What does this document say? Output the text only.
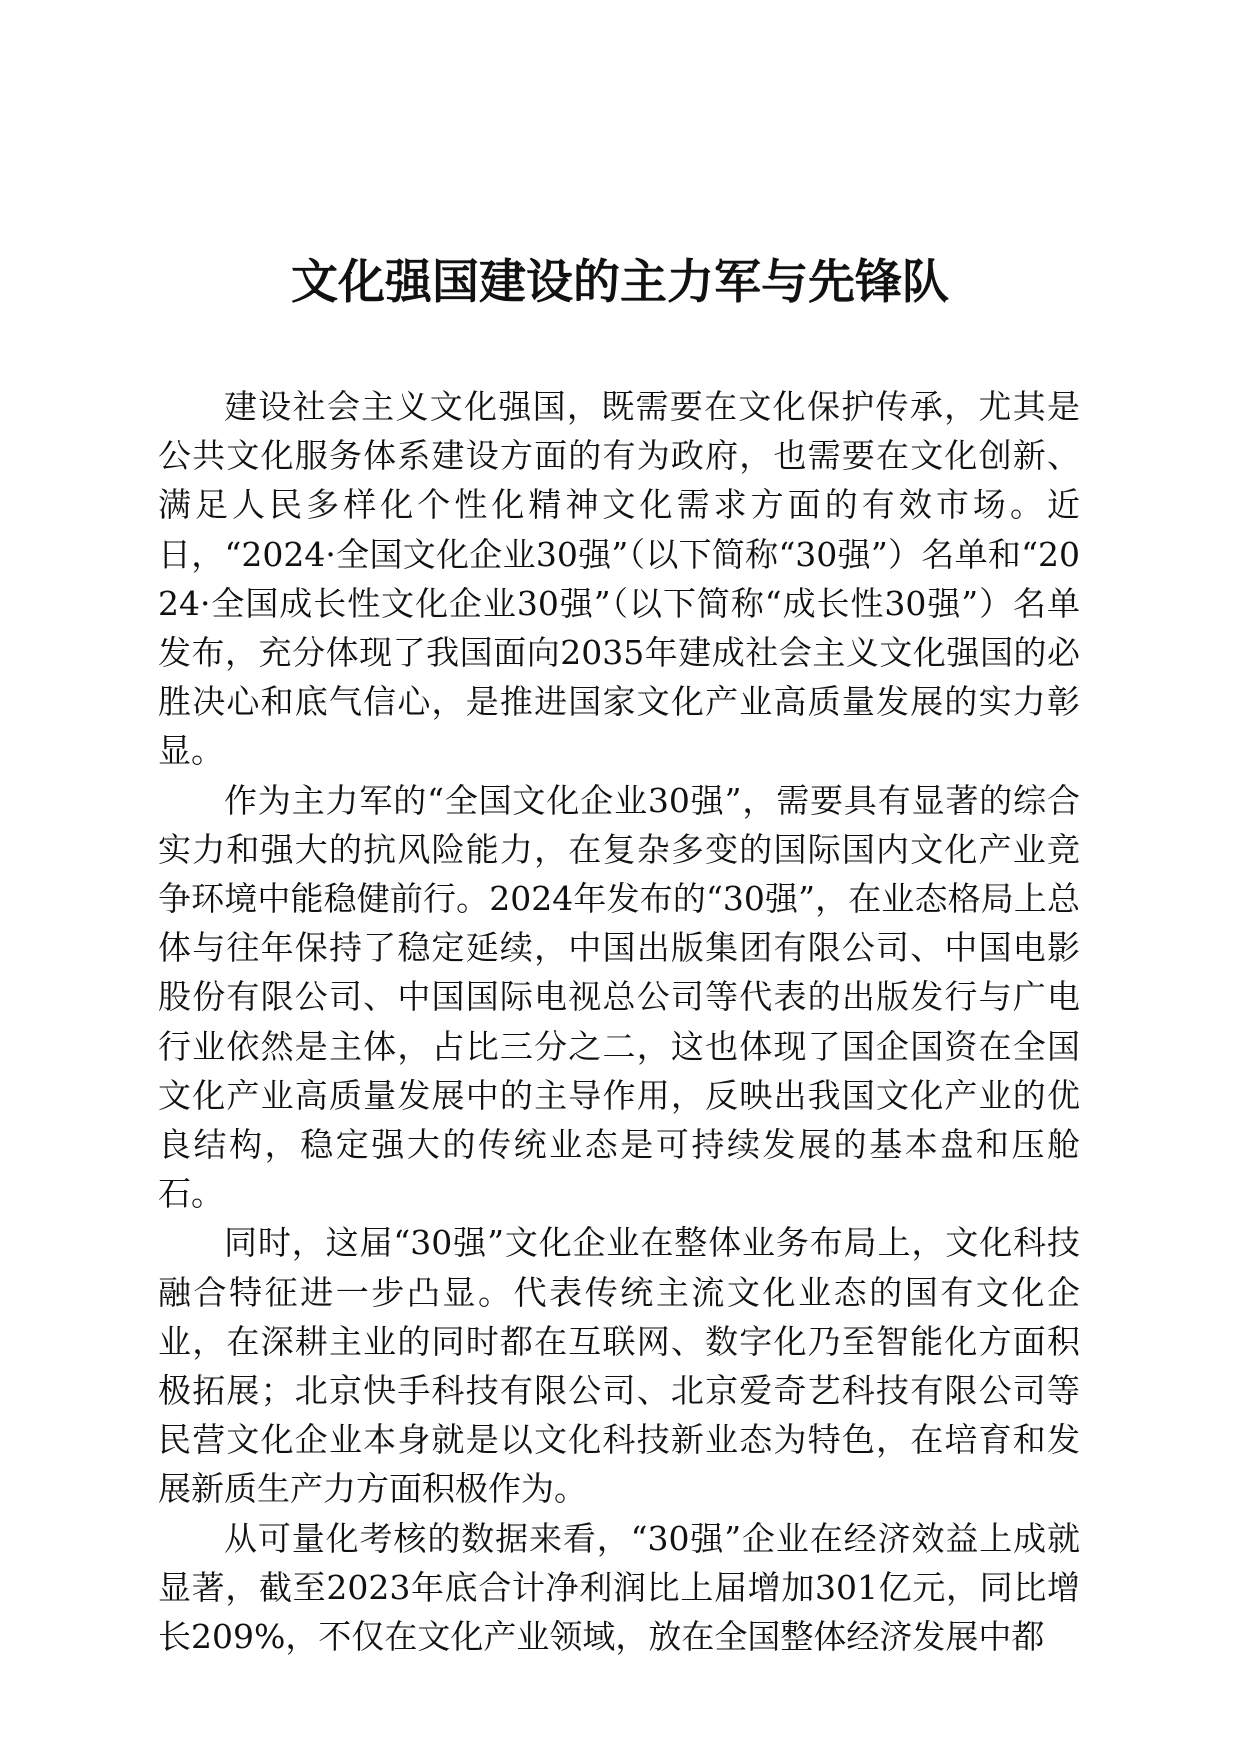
文化强国建设的主力军与先锋队

建设社会主义文化强国，既需要在文化保护传承，尤其是公共文化服务体系建设方面的有为政府，也需要在文化创新、满足人民多样化个性化精神文化需求方面的有效市场。近日，“2024·全国文化企业30强”（以下简称“30强”）名单和“2024·全国成长性文化企业30强”（以下简称“成长性30强”）名单发布，充分体现了我国面向2035年建成社会主义文化强国的必胜决心和底气信心，是推进国家文化产业高质量发展的实力彰显。

作为主力军的“全国文化企业30强”，需要具有显著的综合实力和强大的抗风险能力，在复杂多变的国际国内文化产业竞争环境中能稳健前行。2024年发布的“30强”，在业态格局上总体与往年保持了稳定延续，中国出版集团有限公司、中国电影股份有限公司、中国国际电视总公司等代表的出版发行与广电行业依然是主体，占比三分之二，这也体现了国企国资在全国文化产业高质量发展中的主导作用，反映出我国文化产业的优良结构，稳定强大的传统业态是可持续发展的基本盘和压舱石。

同时，这届“30强”文化企业在整体业务布局上，文化科技融合特征进一步凸显。代表传统主流文化业态的国有文化企业，在深耕主业的同时都在互联网、数字化乃至智能化方面积极拓展；北京快手科技有限公司、北京爱奇艺科技有限公司等民营文化企业本身就是以文化科技新业态为特色，在培育和发展新质生产力方面积极作为。

从可量化考核的数据来看，“30强”企业在经济效益上成就显著，截至2023年底合计净利润比上届增加301亿元，同比增长209%，不仅在文化产业领域，放在全国整体经济发展中都
